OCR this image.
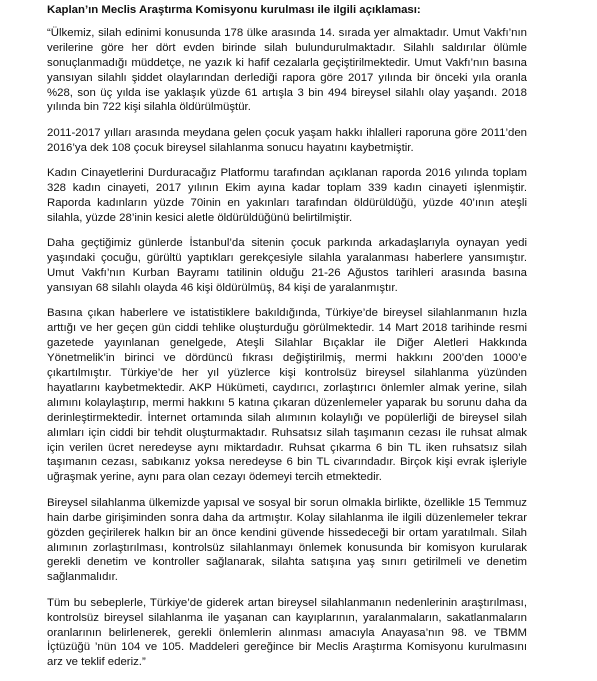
Kaplan’ın Meclis Araştırma Komisyonu kurulması ile ilgili açıklaması:

“Ülkemiz, silah edinimi konusunda 178 ülke arasında 14. sırada yer almaktadır. Umut Vakfı’nın verilerine göre her dört evden birinde silah bulundurulmaktadır. Silahlı saldırılar ölümle sonuçlanmadığı müddetçe, ne yazık ki hafif cezalarla geçiştirilmektedir. Umut Vakfı’nın basına yansıyan silahlı şiddet olaylarından derlediği rapora göre 2017 yılında bir önceki yıla oranla %28, son üç yılda ise yaklaşık yüzde 61 artışla 3 bin 494 bireysel silahlı olay yaşandı. 2018 yılında bin 722 kişi silahla öldürülmüştür.

2011-2017 yılları arasında meydana gelen çocuk yaşam hakkı ihlalleri raporuna göre 2011’den 2016’ya dek 108 çocuk bireysel silahlanma sonucu hayatını kaybetmiştir.

Kadın Cinayetlerini Durduracağız Platformu tarafından açıklanan raporda 2016 yılında toplam 328 kadın cinayeti, 2017 yılının Ekim ayına kadar toplam 339 kadın cinayeti işlenmiştir. Raporda kadınların yüzde 70inin en yakınları tarafından öldürüldüğü, yüzde 40’ının ateşli silahla, yüzde 28’inin kesici aletle öldürüldüğünü belirtilmiştir.

Daha geçtiğimiz günlerde İstanbul’da sitenin çocuk parkında arkadaşlarıyla oynayan yedi yaşındaki çocuğu, gürültü yaptıkları gerekçesiyle silahla yaralanması haberlere yansımıştır. Umut Vakfı’nın Kurban Bayramı tatilinin olduğu 21-26 Ağustos tarihleri arasında basına yansıyan 68 silahlı olayda 46 kişi öldürülmüş, 84 kişi de yaralanmıştır.

Basına çıkan haberlere ve istatistiklere bakıldığında, Türkiye’de bireysel silahlanmanın hızla arttığı ve her geçen gün ciddi tehlike oluşturduğu görülmektedir. 14 Mart 2018 tarihinde resmi gazetede yayınlanan genelgede, Ateşli Silahlar Bıçaklar ile Diğer Aletleri Hakkında Yönetmelik’in birinci ve dördüncü fıkrası değiştirilmiş, mermi hakkını 200’den 1000’e çıkartılmıştır. Türkiye’de her yıl yüzlerce kişi kontrolsüz bireysel silahlanma yüzünden hayatlarını kaybetmektedir. AKP Hükümeti, caydırıcı, zorlaştırıcı önlemler almak yerine, silah alımını kolaylaştırıp, mermi hakkını 5 katına çıkaran düzenlemeler yaparak bu sorunu daha da derinleştirmektedir. İnternet ortamında silah alımının kolaylığı ve popülerliği de bireysel silah alımları için ciddi bir tehdit oluşturmaktadır. Ruhsatsız silah taşımanın cezası ile ruhsat almak için verilen ücret neredeyse aynı miktardadır. Ruhsat çıkarma 6 bin TL iken ruhsatsız silah taşımanın cezası, sabıkanız yoksa neredeyse 6 bin TL civarındadır. Birçok kişi evrak işleriyle uğraşmak yerine, aynı para olan cezayı ödemeyi tercih etmektedir.

Bireysel silahlanma ülkemizde yapısal ve sosyal bir sorun olmakla birlikte, özellikle 15 Temmuz hain darbe girişiminden sonra daha da artmıştır. Kolay silahlanma ile ilgili düzenlemeler tekrar gözden geçirilerek halkın bir an önce kendini güvende hissedeceği bir ortam yaratılmalı. Silah alımının zorlaştırılması, kontrolsüz silahlanmayı önlemek konusunda bir komisyon kurularak gerekli denetim ve kontroller sağlanarak, silahta satışına yaş sınırı getirilmeli ve denetim sağlanmalıdır.

Tüm bu sebeplerle, Türkiye’de giderek artan bireysel silahlanmanın nedenlerinin araştırılması, kontrolsüz bireysel silahlanma ile yaşanan can kayıplarının, yaralanmaların, sakatlanmaların oranlarının belirlenerek, gerekli önlemlerin alınması amacıyla Anayasa’nın 98. ve TBMM İçtüzüğü ’nün 104 ve 105. Maddeleri gereğince bir Meclis Araştırma Komisyonu kurulmasını arz ve teklif ederiz.”
